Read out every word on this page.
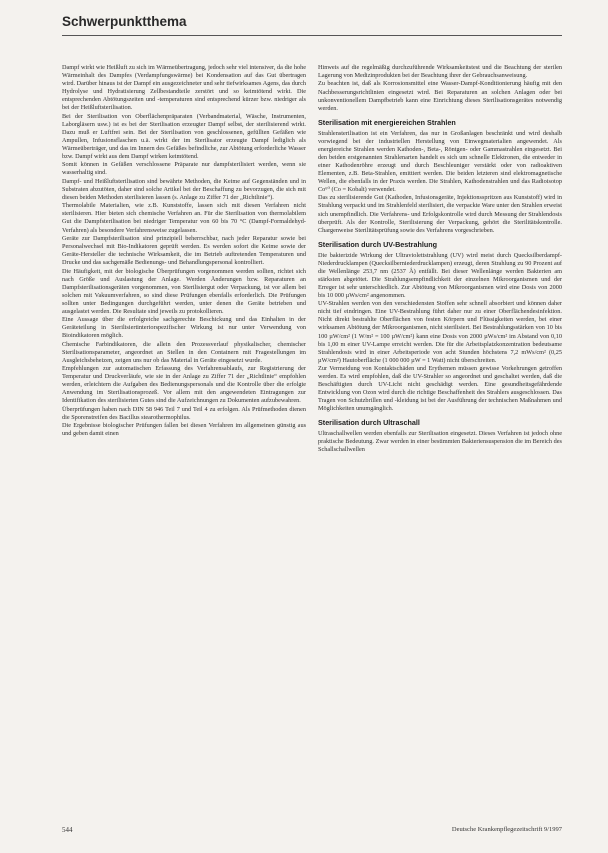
Schwerpunktthema

Dampf wirkt wie Heißluft zu sich im Wärmeübertragung, jedoch sehr viel intensiver, da die hohe Wärmeinhalt des Dampfes (Verdampfungswärme) bei Kondensation auf das Gut übertragen wird. Darüber hinaus ist der Dampf ein ausgezeichneter und sehr tiefwirksames Agens, das durch Hydrolyse und Hydratisierung Zellbestandteile zerstört und so keimtötend wirkt. Die entsprechenden Abtötungszeiten und -temperaturen sind entsprechend kürzer bzw. niedriger als bei der Heißluftsterilisation.

Bei der Sterilisation von Oberflächenpräparaten (Verbandmaterial, Wäsche, Instrumenten, Laborgläsern usw.) ist es bei der Sterilisation erzeugter Dampf selbst, der sterilisierend wirkt. Dazu muß er Luftfrei sein. Bei der Sterilisation von geschlossenen, gefüllten Gefäßen wie Ampullen, Infusionsflaschen u.ä. wirkt der im Sterilisator erzeugte Dampf lediglich als Wärmeüberträger, und das im Innern des Gefäßes befindliche, zur Abtötung erforderliche Wasser bzw. Dampf wirkt aus dem Dampf wirken keimtötend.

Somit können in Gefäßen verschlossene Präparate nur dampfsterilisiert werden, wenn sie wasserhaltig sind.

Dampf- und Heißluftsterilisation sind bewährte Methoden, die Keime auf Gegenständen und in Substraten abzutöten, daher sind solche Artikel bei der Beschaffung zu bevorzugen, die sich mit diesen beiden Methoden sterilisieren lassen (s. Anlage zu Ziffer 71 der „Richtlinie“).

Thermolabile Materialien, wie z.B. Kunststoffe, lassen sich mit diesen Verfahren nicht sterilisieren. Hier bieten sich chemische Verfahren an. Für die Sterilisation von thermolabilem Gut die Dampfsterilisation bei niedriger Temperatur von 60 bis 70 °C (Dampf-Formaldehyd-Verfahren) als besondere Verfahrensweise zugelassen.

Geräte zur Dampfsterilisation sind prinzipiell beherrschbar, nach jeder Reparatur sowie bei Personalwechsel mit Bio-Indikatoren geprüft werden. Es werden sofort die Keime sowie der Geräte-Hersteller die technische Wirksamkeit, die im Betrieb auftretenden Temperaturen und Drucke und das sachgemäße Bedienungs- und Behandlungspersonal kontrolliert.

Die Häufigkeit, mit der biologische Überprüfungen vorgenommen werden sollten, richtet sich nach Größe und Auslastung der Anlage. Werden Änderungen bzw. Reparaturen an Dampfsterilisationsgeräten vorgenommen, von Sterilisiergut oder Verpackung, ist vor allem bei solchen mit Vakuumverfahren, so sind diese Prüfungen ebenfalls erforderlich. Die Prüfungen sollten unter Bedingungen durchgeführt werden, unter denen die Geräte betrieben und ausgelastet werden. Die Resultate sind jeweils zu protokollieren.

Eine Aussage über die erfolgreiche sachgerechte Beschickung und das Einhalten in der Geräteteilung in Sterilisiertinteriorspezifischer Wirkung ist nur unter Verwendung von Bioindikatoren möglich.

Chemische Farbindikatoren, die allein den Prozessverlauf physikalischer, chemischer Sterilisationsparameter, angeordnet an Stellen in den Containern mit Fragestellungen im Ausgleichsbeheizen, zeigen uns nur ob das Material in Geräte eingesetzt wurde.

Empfehlungen zur automatischen Erfassung des Verfahrensablaufs, zur Registrierung der Temperatur und Druckverläufe, wie sie in der Anlage zu Ziffer 71 der „Richtlinie“ empfohlen werden, erleichtern die Aufgaben des Bedienungspersonals und die Kontrolle über die erfolgte Anwendung im Sterilisationsprozeß. Vor allem mit den angewendeten Eintragungen zur Identifikation des sterilisierten Gutes sind die Aufzeichnungen zu Dokumenten aufzubewahren.

Überprüfungen haben nach DIN 58 946 Teil 7 und Teil 4 zu erfolgen. Als Prüfmethoden dienen die Sporenstreifen des Bacillus stearothermophilus.

Die Ergebnisse biologischer Prüfungen fallen bei diesen Verfahren im allgemeinen günstig aus und geben damit einen

Hinweis auf die regelmäßig durchzuführende Wirksamkeitstest und die Beachtung der sterilen Lagerung von Medizinprodukten bei der Beachtung ihrer der Gebrauchsanweisung.

Zu beachten ist, daß als Korrosionsmittel eine Wasser-Dampf-Konditionierung häufig mit den Nachbesserungsrichtlinien eingesetzt wird. Bei Reparaturen an solchen Anlagen oder bei unkonventionellem Dampfbetrieb kann eine Einrichtung dieses Sterilisationsgerätes notwendig werden.

Sterilisation mit energiereichen Strahlen

Strahlensterilisation ist ein Verfahren, das nur in Großanlagen beschränkt und wird deshalb vorwiegend bei der industriellen Herstellung von Einwegmaterialien angewendet. Als energiereiche Strahlen werden Kathoden-, Beta-, Röntgen- oder Gammastrahlen eingesetzt. Bei den beiden erstgenannten Strahlenarten handelt es sich um schnelle Elektronen, die entweder in einer Kathodenröhre erzeugt und durch Beschleuniger verstärkt oder von radioaktiven Elementen, z.B. Beta-Strahlen, emittiert werden. Die beiden letzteren sind elektromagnetische Wellen, die ebenfalls in der Praxis werden. Die Strahlen, Kathodenstrahlen und das Radioisotop Co⁶⁰ (Co = Kobalt) verwendet.

Das zu sterilisierende Gut (Kathoden, Infusionsgeräte, Injektionsspritzen aus Kunststoff) wird in Strahlung verpackt und im Strahlenfeld sterilisiert, die verpackte Ware unter den Strahlen erweist sich unempfindlich. Die Verfahrens- und Erfolgskontrolle wird durch Messung der Strahlendosis überprüft. Als der Kontrolle, Sterilisierung der Verpackung, gehört die Sterilitätskontrolle. Chargenweise Sterilitätsprüfung sowie des Verfahrens vorgeschrieben.

Sterilisation durch UV-Bestrahlung

Die bakterizide Wirkung der Ultraviolettstrahlung (UV) wird meist durch Quecksilberdampf-Niederdrucklampen (Quecksilberniederdrucklampen) erzeugt, deren Strahlung zu 90 Prozent auf die Wellenlänge 253,7 nm (2537 Å) entfällt. Bei dieser Wellenlänge werden Bakterien am stärksten abgetötet. Die Strahlungsempfindlichkeit der einzelnen Mikroorganismen und der Erreger ist sehr unterschiedlich. Zur Abtötung von Mikroorganismen wird eine Dosis von 2000 bis 10 000 µWs/cm² angenommen.

UV-Strahlen werden von den verschiedensten Stoffen sehr schnell absorbiert und können daher nicht tief eindringen. Eine UV-Bestrahlung führt daher nur zu einer Oberflächendesinfektion. Nicht direkt bestrahlte Oberflächen von festen Körpern und Flüssigkeiten werden, bei einer wirksamen Abtötung der Mikroorganismen, nicht sterilisiert. Bei Bestrahlungsstärken von 10 bis 100 µW/cm² (1 W/m² = 100 µW/cm²) kann eine Dosis von 2000 µWs/cm² im Abstand von 0,10 bis 1,00 m einer UV-Lampe erreicht werden. Die für die Arbeitsplatzkonzentration bedeutsame Strahlendosis wird in einer Arbeitsperiode von acht Stunden höchstens 7,2 mWs/cm² (0,25 µW/cm²) Hautoberfläche (1 000 000 µW = 1 Watt) nicht überschreiten.

Zur Vermeidung von Kontaktschäden und Erythemen müssen gewisse Vorkehrungen getroffen werden. Es wird empfohlen, daß die UV-Strahler so angeordnet und geschaltet werden, daß die Beschäftigten durch UV-Licht nicht geschädigt werden. Eine gesundheitsgefährdende Entwicklung von Ozon wird durch die richtige Beschaffenheit des Strahlers ausgeschlossen. Das Tragen von Schutzbrillen und -kleidung ist bei der Ausführung der technischen Maßnahmen und Möglichkeiten unumgänglich.

Sterilisation durch Ultraschall

Ultraschallwellen werden ebenfalls zur Sterilisation eingesetzt. Dieses Verfahren ist jedoch ohne praktische Bedeutung. Zwar werden in einer bestimmten Bakteriensuspension die im Bereich des Schallschallwellen

544	Deutsche Krankenpflegezeitschrift 9/1997
